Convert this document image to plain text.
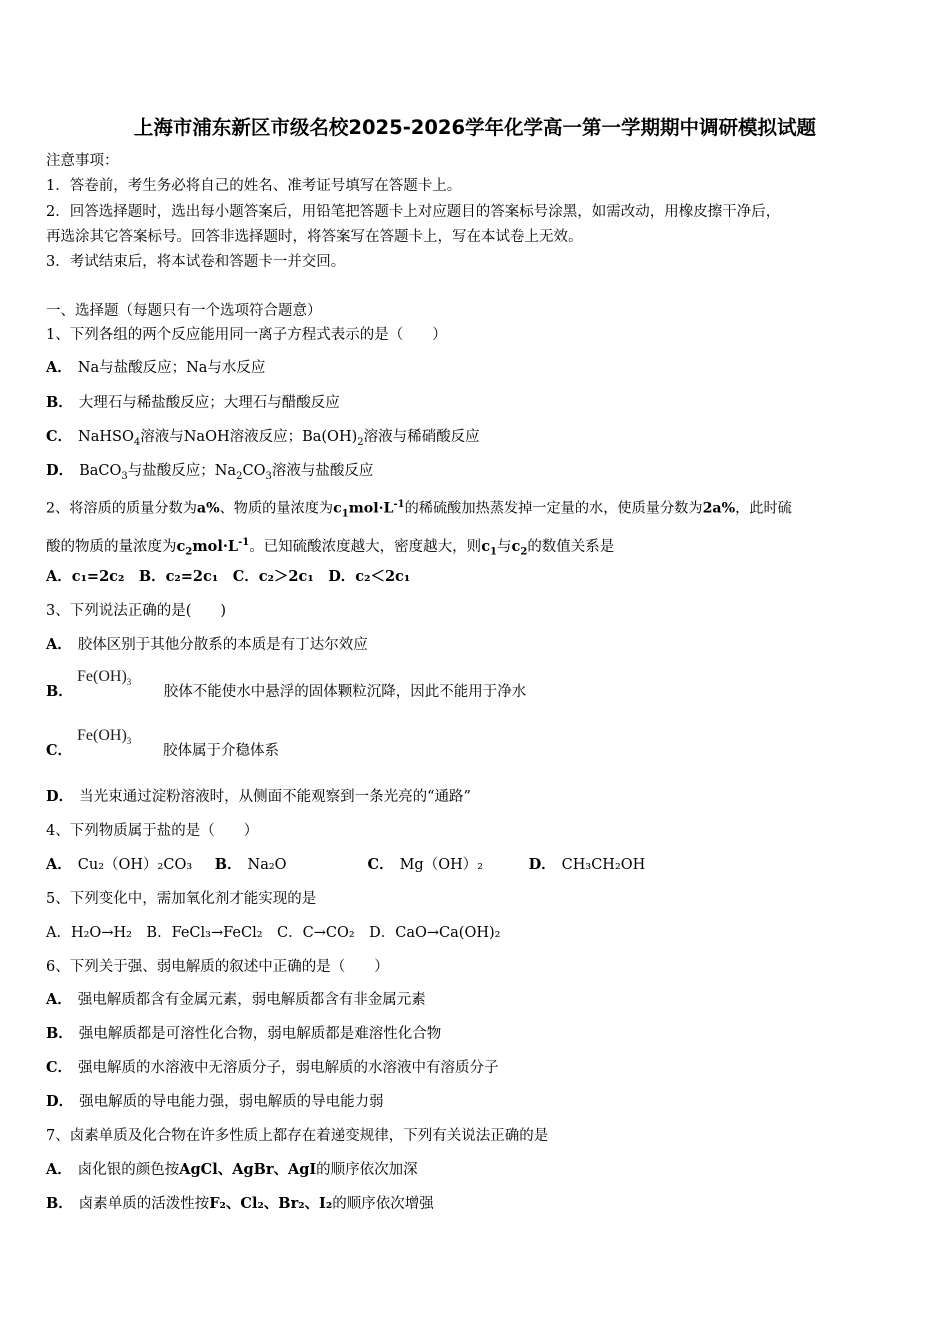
上海市浦东新区市级名校2025-2026学年化学高一第一学期期中调研模拟试题
注意事项：
1．答卷前，考生务必将自己的姓名、准考证号填写在答题卡上。
2．回答选择题时，选出每小题答案后，用铅笔把答题卡上对应题目的答案标号涂黑，如需改动，用橡皮擦干净后，
再选涂其它答案标号。回答非选择题时，将答案写在答题卡上，写在本试卷上无效。
3．考试结束后，将本试卷和答题卡一并交回。
一、选择题（每题只有一个选项符合题意）
1、下列各组的两个反应能用同一离子方程式表示的是（　　）
A． Na与盐酸反应；Na与水反应
B． 大理石与稀盐酸反应；大理石与醋酸反应
C． NaHSO$_4$溶液与NaOH溶液反应；$Ba(OH)_2$溶液与稀硝酸反应
D． BaCO$_3$与盐酸反应；$Na_2CO_3$溶液与盐酸反应
2、将溶质的质量分数为a%、物质的量浓度为$c_1mol\cdot L^{-1}$的稀硫酸加热蒸发掉一定量的水，使质量分数为2a%，此时硫
酸的物质的量浓度为$c_2mol\cdot L^{-1}$。已知硫酸浓度越大，密度越大，则$c_1$与$c_2$的数值关系是
A．c₁=2c₂　B．c₂=2c₁　C．c₂＞2c₁　D．c₂＜2c₁
3、下列说法正确的是(　　)
A． 胶体区别于其他分散系的本质是有丁达尔效应
$Fe(OH)_3$
B．	胶体不能使水中悬浮的固体颗粒沉降，因此不能用于净水
$Fe(OH)_3$
C．	胶体属于介稳体系
D． 当光束通过淀粉溶液时，从侧面不能观察到一条光亮的“通路”
4、下列物质属于盐的是（　　）
A． Cu₂（OH）₂CO₃ B． Na₂O	C． Mg（OH）₂	D． CH₃CH₂OH
5、下列变化中，需加氧化剂才能实现的是
A．H₂O→H₂　B．FeCl₃→FeCl₂　C．C→CO₂　D．CaO→Ca(OH)₂
6、下列关于强、弱电解质的叙述中正确的是（　　）
A． 强电解质都含有金属元素，弱电解质都含有非金属元素
B． 强电解质都是可溶性化合物，弱电解质都是难溶性化合物
C． 强电解质的水溶液中无溶质分子，弱电解质的水溶液中有溶质分子
D． 强电解质的导电能力强，弱电解质的导电能力弱
7、卤素单质及化合物在许多性质上都存在着递变规律，下列有关说法正确的是
A． 卤化银的颜色按AgCl、AgBr、AgI的顺序依次加深
B． 卤素单质的活泼性按F₂、Cl₂、Br₂、I₂的顺序依次增强
